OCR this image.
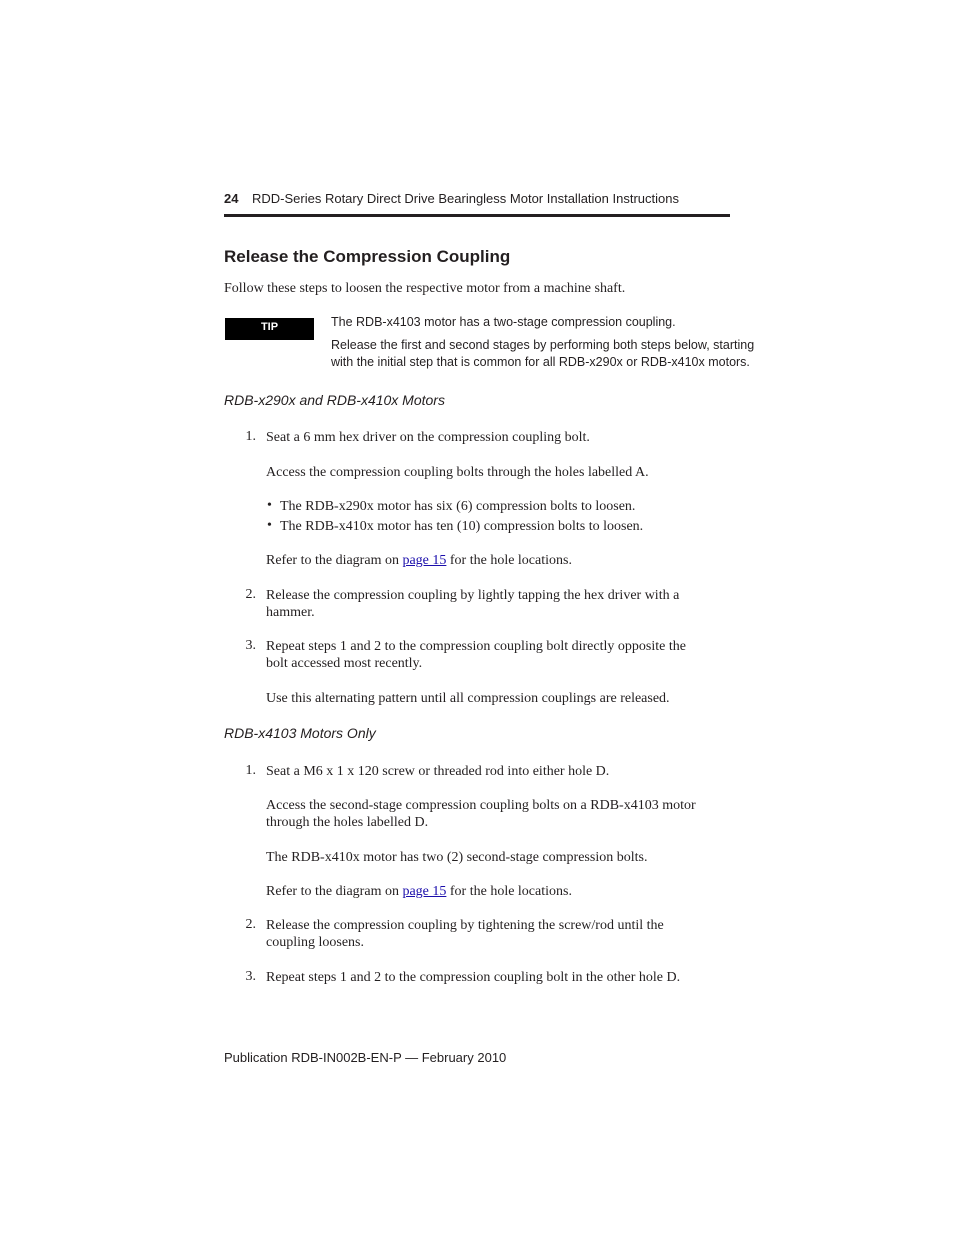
24 RDD-Series Rotary Direct Drive Bearingless Motor Installation Instructions
Release the Compression Coupling
Follow these steps to loosen the respective motor from a machine shaft.
TIP	The RDB-x4103 motor has a two-stage compression coupling.
Release the first and second stages by performing both steps below, starting
with the initial step that is common for all RDB-x290x or RDB-x410x motors.
RDB-x290x and RDB-x410x Motors
1. Seat a 6 mm hex driver on the compression coupling bolt.
Access the compression coupling bolts through the holes labelled A.
• The RDB-x290x motor has six (6) compression bolts to loosen.
• The RDB-x410x motor has ten (10) compression bolts to loosen.
Refer to the diagram on page 15 for the hole locations.
2. Release the compression coupling by lightly tapping the hex driver with a
hammer.
3. Repeat steps 1 and 2 to the compression coupling bolt directly opposite the
bolt accessed most recently.
Use this alternating pattern until all compression couplings are released.
RDB-x4103 Motors Only
1. Seat a M6 x 1 x 120 screw or threaded rod into either hole D.
Access the second-stage compression coupling bolts on a RDB-x4103 motor
through the holes labelled D.
The RDB-x410x motor has two (2) second-stage compression bolts.
Refer to the diagram on page 15 for the hole locations.
2. Release the compression coupling by tightening the screw/rod until the
coupling loosens.
3. Repeat steps 1 and 2 to the compression coupling bolt in the other hole D.
Publication RDB-IN002B-EN-P — February 2010
